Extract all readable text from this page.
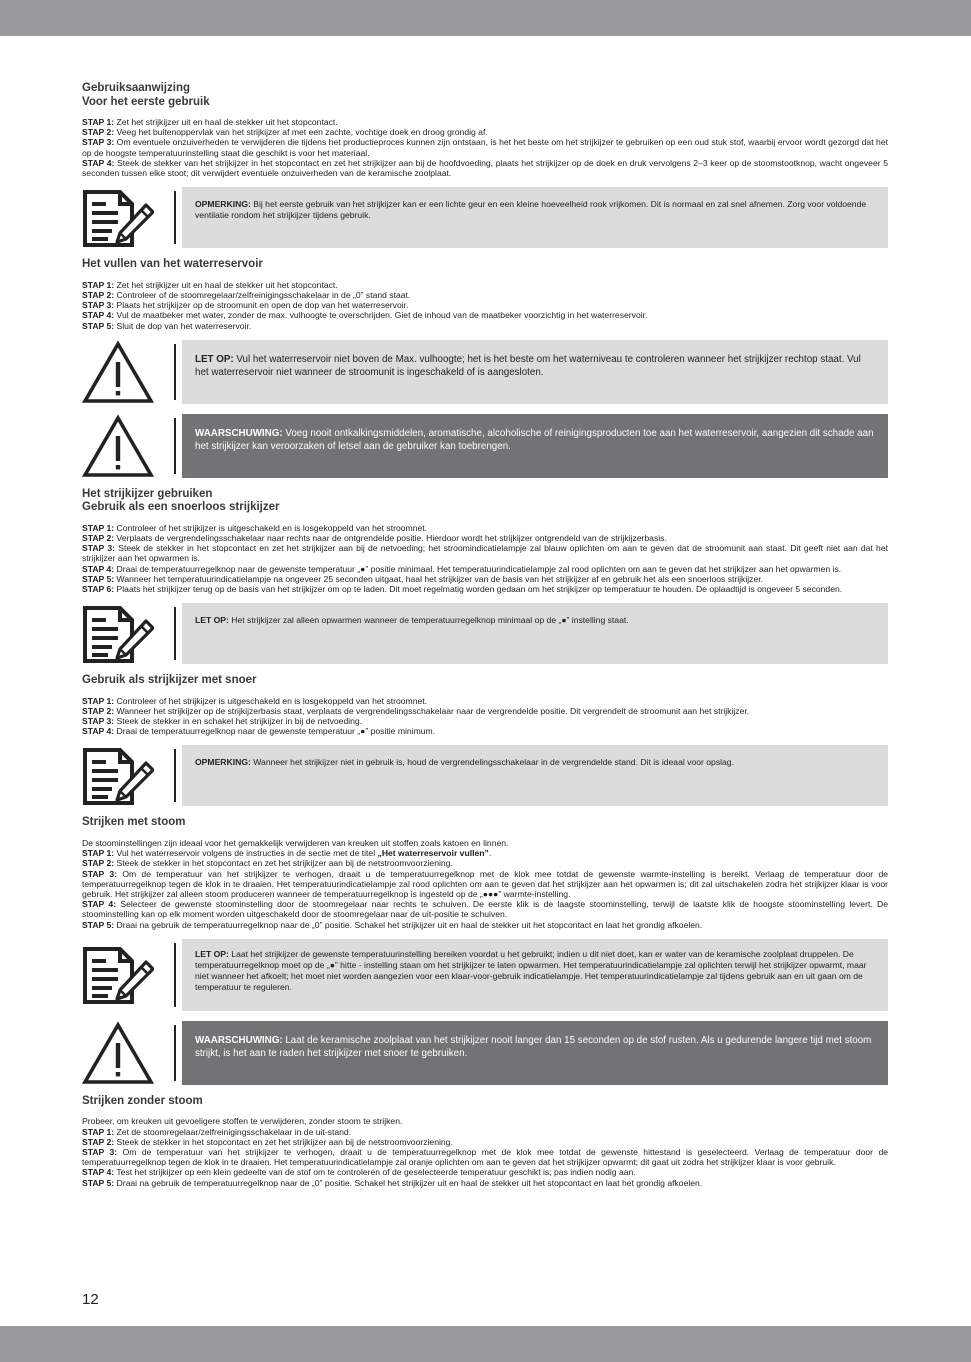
Gebruiksaanwijzing
Voor het eerste gebruik

STAP 1: Zet het strijkijzer uit en haal de stekker uit het stopcontact.

STAP 2: Veeg het buitenoppervlak van het strijkijzer af met een zachte, vochtige doek en droog grondig af.

STAP 3: Om eventuele onzuiverheden te verwijderen die tijdens het productieproces kunnen zijn ontstaan, is het het beste om het strijkijzer te gebruiken op een oud stuk stof, waarbij ervoor wordt gezorgd dat het op de hoogste temperatuurinstelling staat die geschikt is voor het materiaal.

STAP 4: Steek de stekker van het strijkijzer in het stopcontact en zet het strijkijzer aan bij de hoofdvoeding, plaats het strijkijzer op de doek en druk vervolgens 2–3 keer op de stoomstootknop, wacht ongeveer 5 seconden tussen elke stoot; dit verwijdert eventuele onzuiverheden van de keramische zoolplaat.

OPMERKING: Bij het eerste gebruik van het strijkijzer kan er een lichte geur en een kleine hoeveelheid rook vrijkomen. Dit is normaal en zal snel afnemen. Zorg voor voldoende ventilatie rondom het strijkijzer tijdens gebruik.
Het vullen van het waterreservoir

STAP 1: Zet het strijkijzer uit en haal de stekker uit het stopcontact.

STAP 2: Controleer of de stoomregelaar/zelfreinigingsschakelaar in de „0” stand staat.

STAP 3: Plaats het strijkijzer op de stroomunit en open de dop van het waterreservoir.

STAP 4: Vul de maatbeker met water, zonder de max. vulhoogte te overschrijden. Giet de inhoud van de maatbeker voorzichtig in het waterreservoir.

STAP 5: Sluit de dop van het waterreservoir.

LET OP: Vul het waterreservoir niet boven de Max. vulhoogte; het is het beste om het waterniveau te controleren wanneer het strijkijzer rechtop staat. Vul het waterreservoir niet wanneer de stroomunit is ingeschakeld of is aangesloten.
WAARSCHUWING: Voeg nooit ontkalkingsmiddelen, aromatische, alcoholische of reinigingsproducten toe aan het waterreservoir, aangezien dit schade aan het strijkijzer kan veroorzaken of letsel aan de gebruiker kan toebrengen.
Het strijkijzer gebruiken
Gebruik als een snoerloos strijkijzer

STAP 1: Controleer of het strijkijzer is uitgeschakeld en is losgekoppeld van het stroomnet.

STAP 2: Verplaats de vergrendelingsschakelaar naar rechts naar de ontgrendelde positie. Hierdoor wordt het strijkijzer ontgrendeld van de strijkijzerbasis.

STAP 3: Steek de stekker in het stopcontact en zet het strijkijzer aan bij de netvoeding; het stroomindicatielampje zal blauw oplichten om aan te geven dat de stroomunit aan staat. Dit geeft niet aan dat het strijkijzer aan het opwarmen is.

STAP 4: Draai de temperatuurregelknop naar de gewenste temperatuur „●” positie minimaal. Het temperatuurindicatielampje zal rood oplichten om aan te geven dat het strijkijzer aan het opwarmen is.

STAP 5: Wanneer het temperatuurindicatielampje na ongeveer 25 seconden uitgaat, haal het strijkijzer van de basis van het strijkijzer af en gebruik het als een snoerloos strijkijzer.

STAP 6: Plaats het strijkijzer terug op de basis van het strijkijzer om op te laden. Dit moet regelmatig worden gedaan om het strijkijzer op temperatuur te houden. De oplaadtijd is ongeveer 5 seconden.

LET OP: Het strijkijzer zal alleen opwarmen wanneer de temperatuurregelknop minimaal op de „●” instelling staat.
Gebruik als strijkijzer met snoer

STAP 1: Controleer of het strijkijzer is uitgeschakeld en is losgekoppeld van het stroomnet.

STAP 2: Wanneer het strijkijzer op de strijkijzerbasis staat, verplaats de vergrendelingsschakelaar naar de vergrendelde positie. Dit vergrendelt de stroomunit aan het strijkijzer.

STAP 3: Steek de stekker in en schakel het strijkijzer in bij de netvoeding.

STAP 4: Draai de temperatuurregelknop naar de gewenste temperatuur „●” positie minimum.

OPMERKING: Wanneer het strijkijzer niet in gebruik is, houd de vergrendelingsschakelaar in de vergrendelde stand. Dit is ideaal voor opslag.
Strijken met stoom

De stoominstellingen zijn ideaal voor het gemakkelijk verwijderen van kreuken uit stoffen zoals katoen en linnen.

STAP 1: Vul het waterreservoir volgens de instructies in de sectie met de titel „Het waterreservoir vullen”.

STAP 2: Steek de stekker in het stopcontact en zet het strijkijzer aan bij de netstroomvoorziening.

STAP 3: Om de temperatuur van het strijkijzer te verhogen, draait u de temperatuurregelknop met de klok mee totdat de gewenste warmte-instelling is bereikt. Verlaag de temperatuur door de temperatuurregelknop tegen de klok in te draaien. Het temperatuurindicatielampje zal rood oplichten om aan te geven dat het strijkijzer aan het opwarmen is; dit zal uitschakelen zodra het strijkijzer klaar is voor gebruik. Het strijkijzer zal alleen stoom produceren wanneer de temperatuurregelknop is ingesteld op de „●●●” warmte-instelling.

STAP 4: Selecteer de gewenste stoominstelling door de stoomregelaar naar rechts te schuiven. De eerste klik is de laagste stoominstelling, terwijl de laatste klik de hoogste stoominstelling levert. De stoominstelling kan op elk moment worden uitgeschakeld door de stoomregelaar naar de uit-positie te schuiven.

STAP 5: Draai na gebruik de temperatuurregelknop naar de „0” positie. Schakel het strijkijzer uit en haal de stekker uit het stopcontact en laat het grondig afkoelen.

LET OP: Laat het strijkijzer de gewenste temperatuurinstelling bereiken voordat u het gebruikt; indien u dit niet doet, kan er water van de keramische zoolplaat druppelen. De temperatuurregelknop moet op de „●” hitte - instelling staan om het strijkijzer te laten opwarmen. Het temperatuurindicatielampje zal oplichten terwijl het strijkijzer opwarmt, maar niet wanneer het afkoelt; het moet niet worden aangezien voor een klaar-voor-gebruik indicatielampje. Het temperatuurindicatielampje zal tijdens gebruik aan en uit gaan om de temperatuur te reguleren.
WAARSCHUWING: Laat de keramische zoolplaat van het strijkijzer nooit langer dan 15 seconden op de stof rusten. Als u gedurende langere tijd met stoom strijkt, is het aan te raden het strijkijzer met snoer te gebruiken.
Strijken zonder stoom

Probeer, om kreuken uit gevoeligere stoffen te verwijderen, zonder stoom te strijken.

STAP 1: Zet de stoomregelaar/zelfreinigingsschakelaar in de uit-stand.

STAP 2: Steek de stekker in het stopcontact en zet het strijkijzer aan bij de netstroomvoorziening.

STAP 3: Om de temperatuur van het strijkijzer te verhogen, draait u de temperatuurregelknop met de klok mee totdat de gewenste hittestand is geselecteerd. Verlaag de temperatuur door de temperatuurregelknop tegen de klok in te draaien. Het temperatuurindicatielampje zal oranje oplichten om aan te geven dat het strijkijzer opwarmt; dit gaat uit zodra het strijkijzer klaar is voor gebruik.

STAP 4: Test het strijkijzer op een klein gedeelte van de stof om te controleren of de geselecteerde temperatuur geschikt is; pas indien nodig aan.

STAP 5: Draai na gebruik de temperatuurregelknop naar de „0” positie. Schakel het strijkijzer uit en haal de stekker uit het stopcontact en laat het grondig afkoelen.

12
